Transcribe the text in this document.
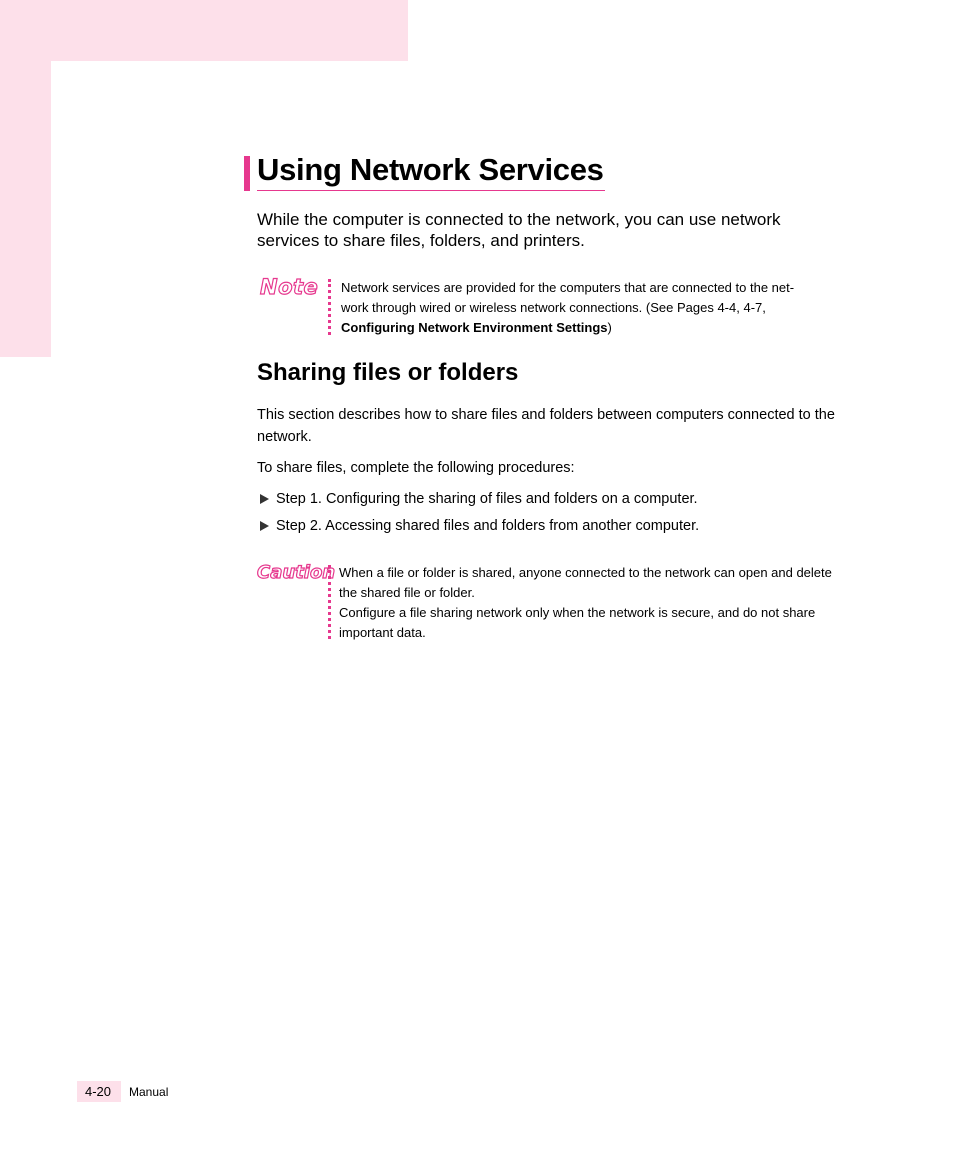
Using Network Services

While the computer is connected to the network, you can use network services to share files, folders, and printers.

Note Network services are provided for the computers that are connected to the net-work through wired or wireless network connections. (See Pages 4-4, 4-7, Configuring Network Environment Settings)

Sharing files or folders

This section describes how to share files and folders between computers connected to the network.

To share files, complete the following procedures:

Step 1. Configuring the sharing of files and folders on a computer.
Step 2. Accessing shared files and folders from another computer.
Caution When a file or folder is shared, anyone connected to the network can open and delete the shared file or folder.
Configure a file sharing network only when the network is secure, and do not share important data.
4-20 Manual
